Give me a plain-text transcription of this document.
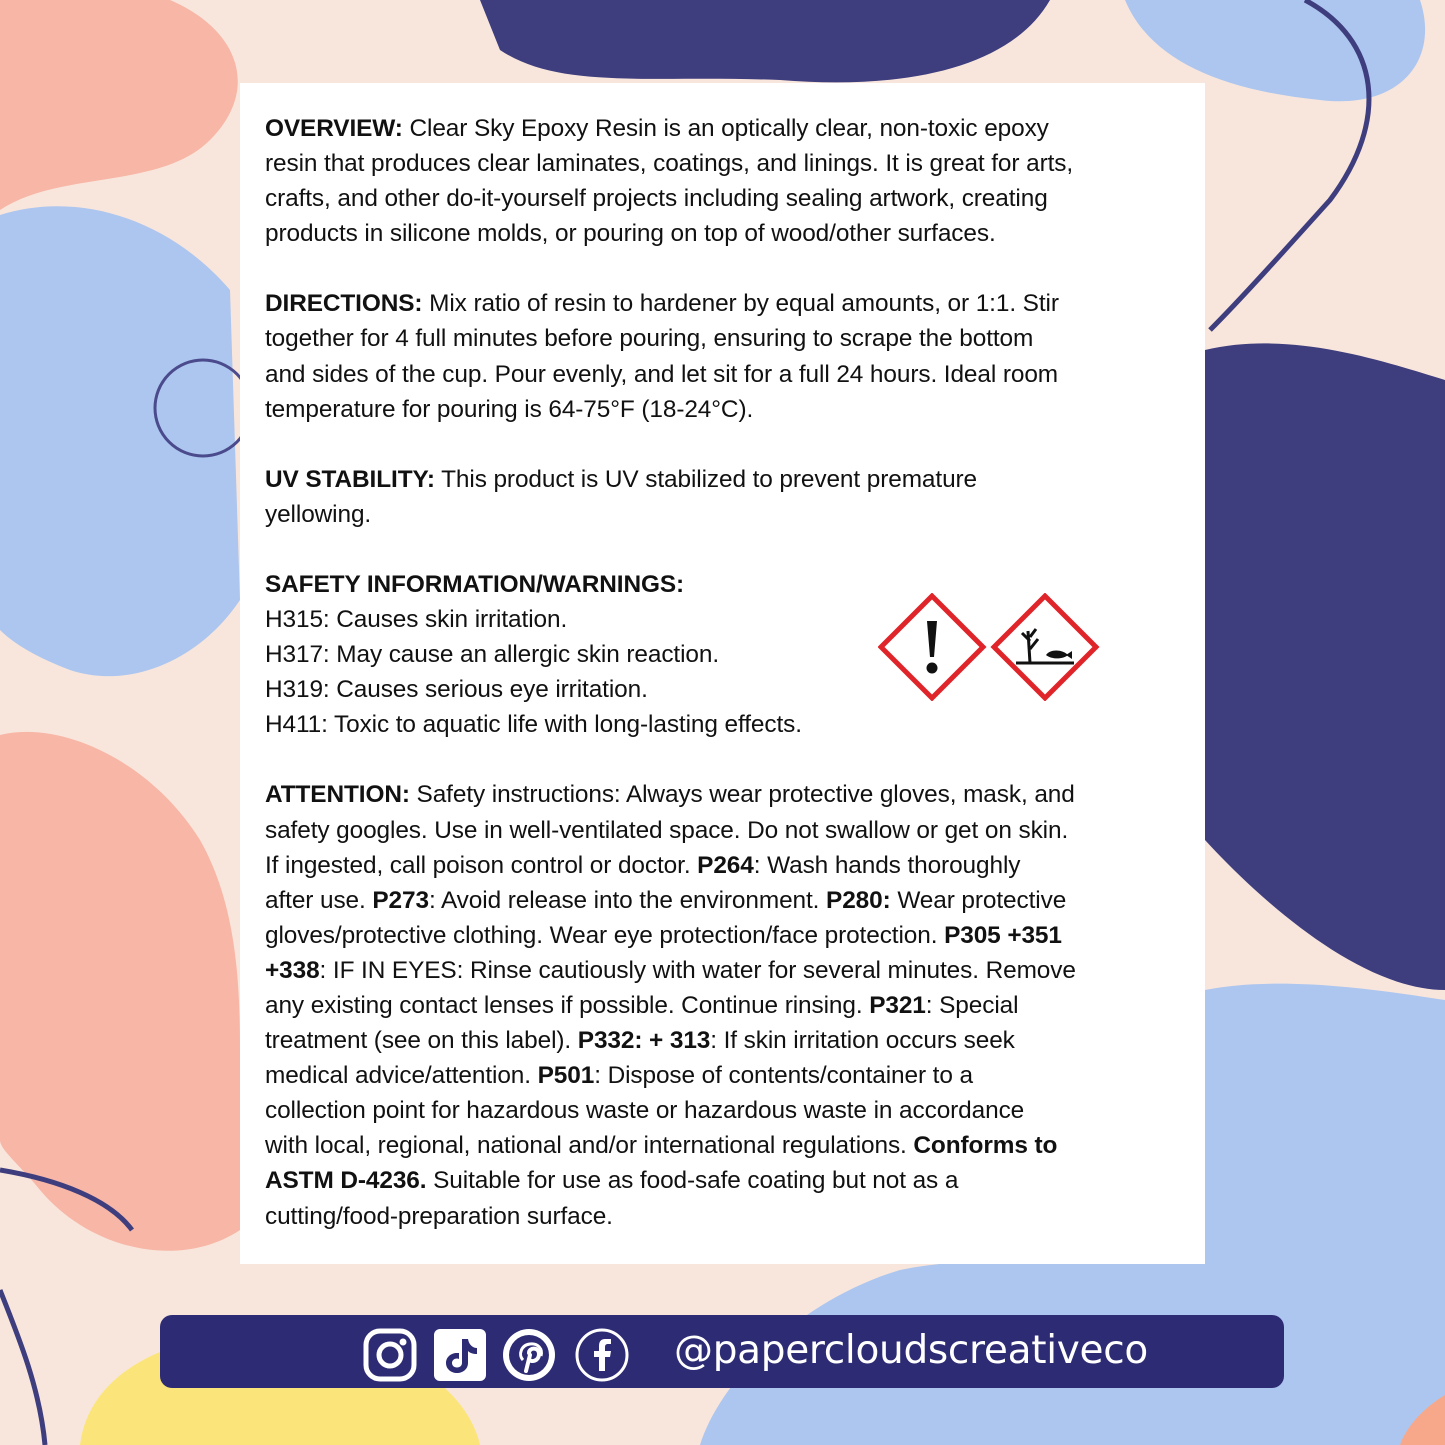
OVERVIEW: Clear Sky Epoxy Resin is an optically clear, non-toxic epoxy
resin that produces clear laminates, coatings, and linings. It is great for arts,
crafts, and other do-it-yourself projects including sealing artwork, creating
products in silicone molds, or pouring on top of wood/other surfaces.

DIRECTIONS: Mix ratio of resin to hardener by equal amounts, or 1:1. Stir
together for 4 full minutes before pouring, ensuring to scrape the bottom
and sides of the cup. Pour evenly, and let sit for a full 24 hours. Ideal room
temperature for pouring is 64-75°F (18-24°C).

UV STABILITY: This product is UV stabilized to prevent premature
yellowing.

SAFETY INFORMATION/WARNINGS:
H315: Causes skin irritation.
H317: May cause an allergic skin reaction.
H319: Causes serious eye irritation.
H411: Toxic to aquatic life with long-lasting effects.

ATTENTION: Safety instructions: Always wear protective gloves, mask, and
safety googles. Use in well-ventilated space. Do not swallow or get on skin.
If ingested, call poison control or doctor. P264: Wash hands thoroughly
after use. P273: Avoid release into the environment. P280: Wear protective
gloves/protective clothing. Wear eye protection/face protection. P305 +351
+338: IF IN EYES: Rinse cautiously with water for several minutes. Remove
any existing contact lenses if possible. Continue rinsing. P321: Special
treatment (see on this label). P332: + 313: If skin irritation occurs seek
medical advice/attention. P501: Dispose of contents/container to a
collection point for hazardous waste or hazardous waste in accordance
with local, regional, national and/or international regulations. Conforms to
ASTM D-4236. Suitable for use as food-safe coating but not as a
cutting/food-preparation surface.

@papercloudscreativeco
